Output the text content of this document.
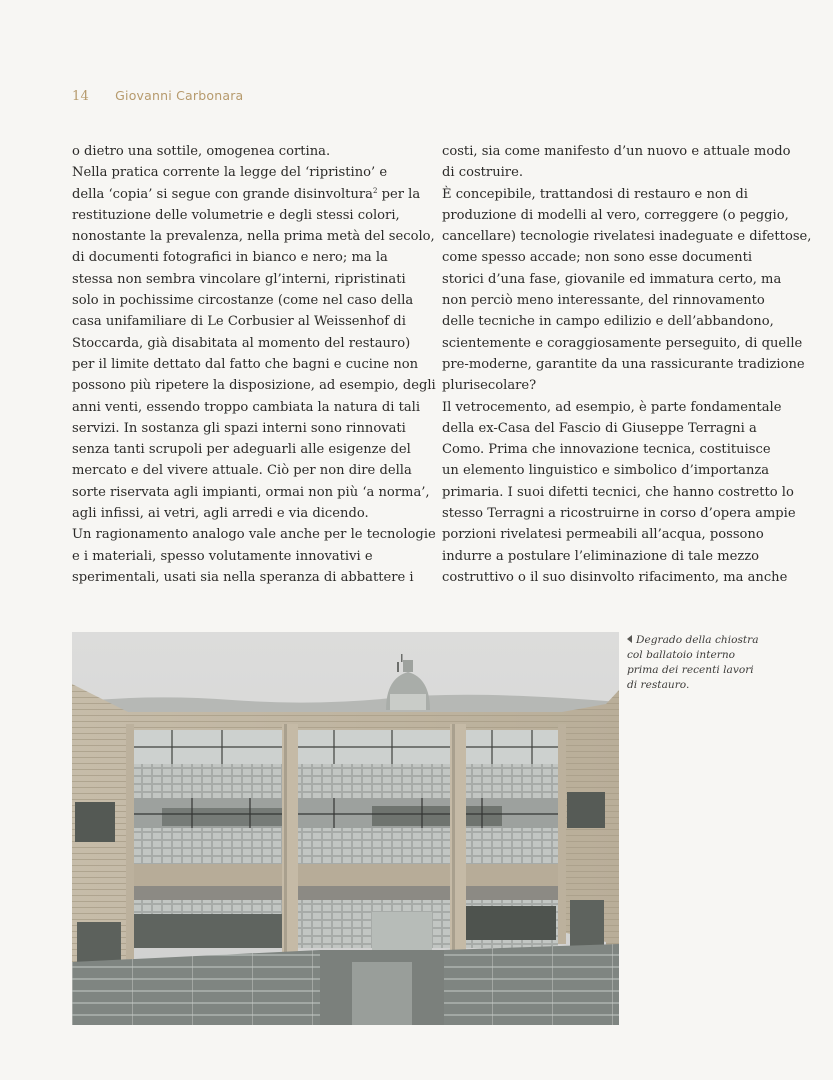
14 Giovanni Carbonara
o dietro una sottile, omogenea cortina.
Nella pratica corrente la legge del ‘ripristino’ e
della ‘copia’ si segue con grande disinvoltura$^2$ per la
restituzione delle volumetrie e degli stessi colori,
nonostante la prevalenza, nella prima metà del secolo,
di documenti fotografici in bianco e nero; ma la
stessa non sembra vincolare gl’interni, ripristinati
solo in pochissime circostanze (come nel caso della
casa unifamiliare di Le Corbusier al Weissenhof di
Stoccarda, già disabitata al momento del restauro)
per il limite dettato dal fatto che bagni e cucine non
possono più ripetere la disposizione, ad esempio, degli
anni venti, essendo troppo cambiata la natura di tali
servizi. In sostanza gli spazi interni sono rinnovati
senza tanti scrupoli per adeguarli alle esigenze del
mercato e del vivere attuale. Ciò per non dire della
sorte riservata agli impianti, ormai non più ‘a norma’,
agli infissi, ai vetri, agli arredi e via dicendo.
Un ragionamento analogo vale anche per le tecnologie
e i materiali, spesso volutamente innovativi e
sperimentali, usati sia nella speranza di abbattere i
costi, sia come manifesto d’un nuovo e attuale modo
di costruire.
È concepibile, trattandosi di restauro e non di
produzione di modelli al vero, correggere (o peggio,
cancellare) tecnologie rivelatesi inadeguate e difettose,
come spesso accade; non sono esse documenti
storici d’una fase, giovanile ed immatura certo, ma
non perciò meno interessante, del rinnovamento
delle tecniche in campo edilizio e dell’abbandono,
scientemente e coraggiosamente perseguito, di quelle
pre-moderne, garantite da una rassicurante tradizione
plurisecolare?
Il vetrocemento, ad esempio, è parte fondamentale
della ex-Casa del Fascio di Giuseppe Terragni a
Como. Prima che innovazione tecnica, costituisce
un elemento linguistico e simbolico d’importanza
primaria. I suoi difetti tecnici, che hanno costretto lo
stesso Terragni a ricostruirne in corso d’opera ampie
porzioni rivelatesi permeabili all’acqua, possono
indurre a postulare l’eliminazione di tale mezzo
costruttivo o il suo disinvolto rifacimento, ma anche
Degrado della chiostra
col ballatoio interno
prima dei recenti lavori
di restauro.
